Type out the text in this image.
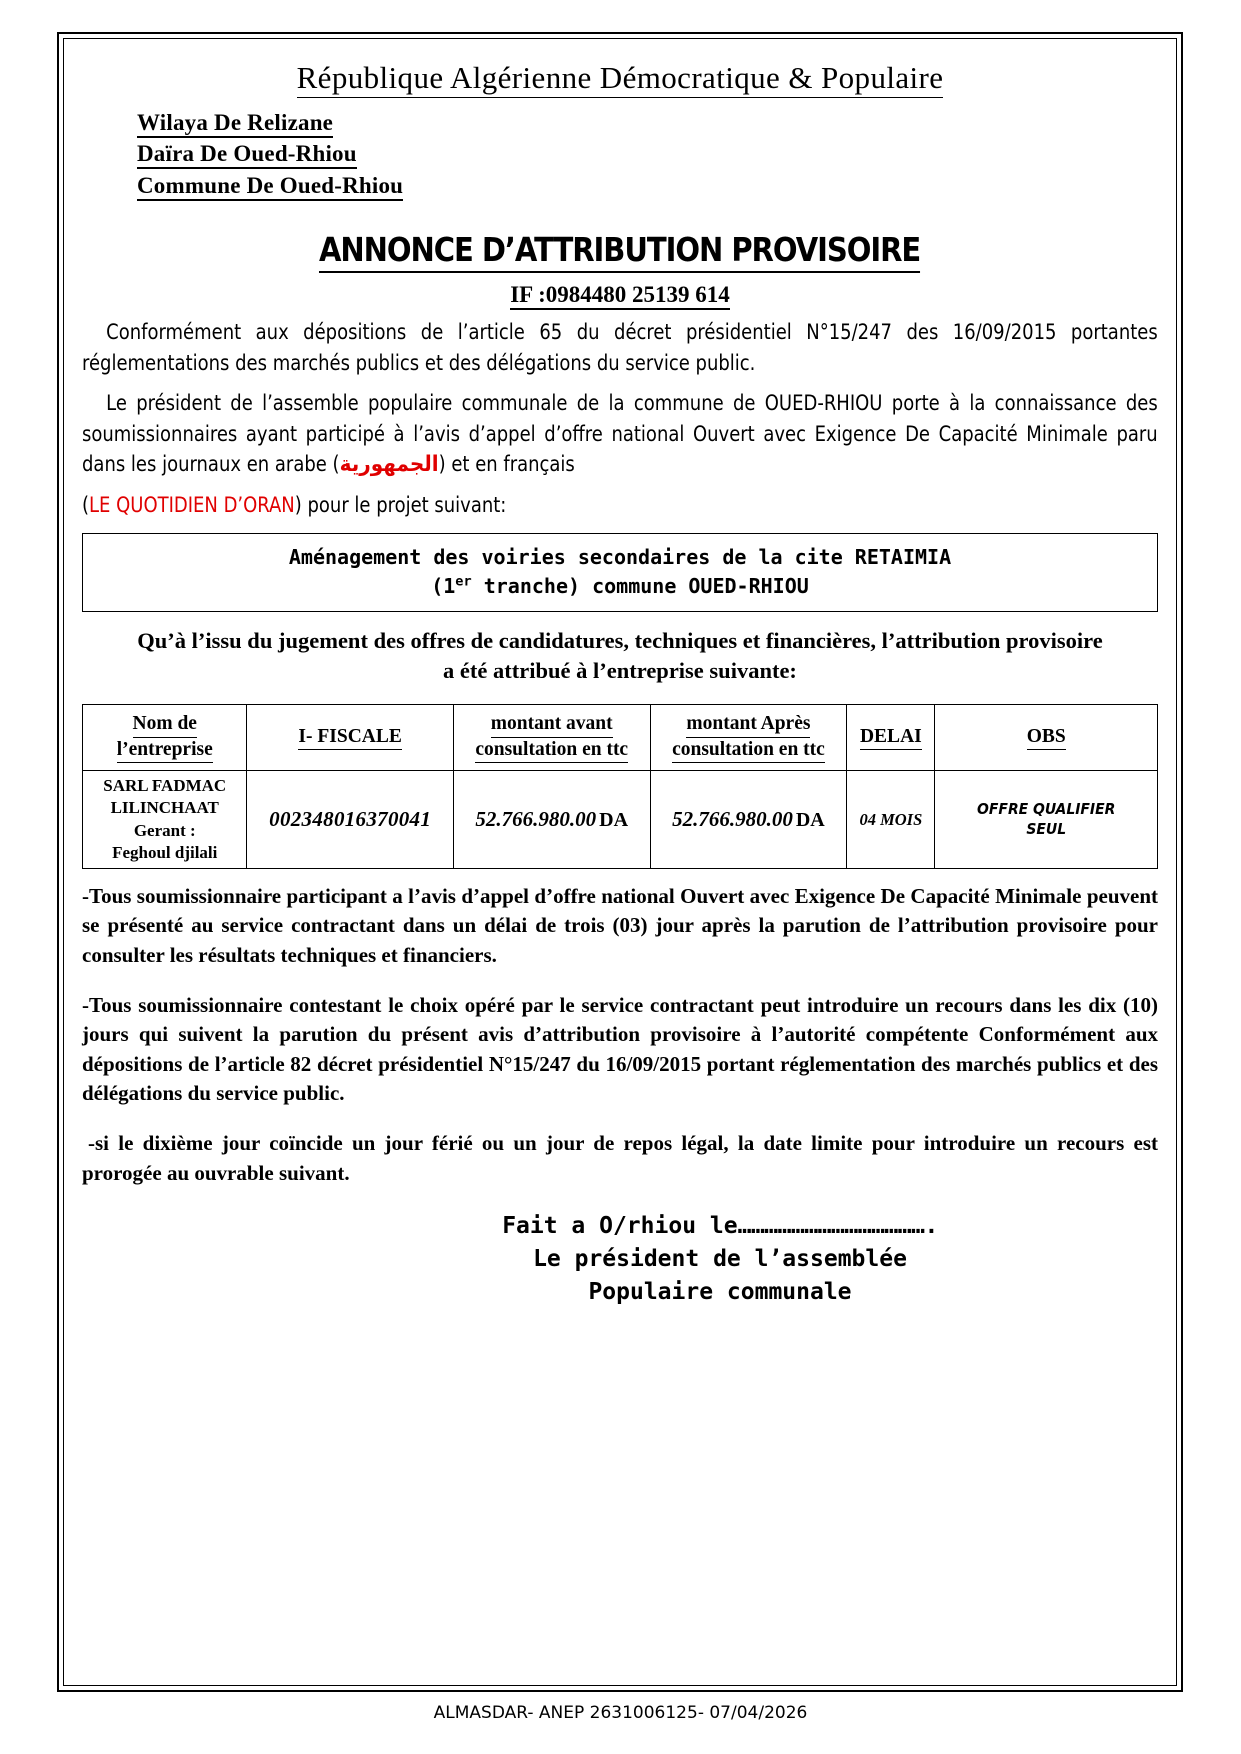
République Algérienne Démocratique & Populaire
Wilaya De Relizane
Daïra De Oued-Rhiou
Commune De Oued-Rhiou
ANNONCE D’ATTRIBUTION PROVISOIRE
IF :0984480 25139 614

Conformément aux dépositions de l’article 65 du décret présidentiel N°15/247 des 16/09/2015 portantes réglementations des marchés publics et des délégations du service public.

Le président de l’assemble populaire communale de la commune de OUED-RHIOU porte à la connaissance des soumissionnaires ayant participé à l’avis d’appel d’offre national Ouvert avec Exigence De Capacité Minimale paru dans les journaux en arabe (الجمهورية) et en français

(LE QUOTIDIEN D’ORAN) pour le projet suivant:

Aménagement des voiries secondaires de la cite RETAIMIA
(1er tranche) commune OUED-RHIOU
Qu’à l’issu du jugement des offres de candidatures, techniques et financières, l’attribution provisoire
a été attribué à l’entreprise suivante:
Nom de
l’entreprise	I- FISCALE	montant avant
consultation en ttc	montant Après
consultation en ttc	DELAI	OBS

SARL FADMAC
LILINCHAAT
Gerant :
Feghoul djilali	002348016370041	52.766.980.00 DA	52.766.980.00 DA	04 MOIS	OFFRE QUALIFIER
SEUL

-Tous soumissionnaire participant a l’avis d’appel d’offre national Ouvert avec Exigence De Capacité Minimale peuvent se présenté au service contractant dans un délai de trois (03) jour après la parution de l’attribution provisoire pour consulter les résultats techniques et financiers.

-Tous soumissionnaire contestant le choix opéré par le service contractant peut introduire un recours dans les dix (10) jours qui suivent la parution du présent avis d’attribution provisoire à l’autorité compétente Conformément aux dépositions de l’article 82 décret présidentiel N°15/247 du 16/09/2015 portant réglementation des marchés publics et des délégations du service public.

-si le dixième jour coïncide un jour férié ou un jour de repos légal, la date limite pour introduire un recours est prorogée au ouvrable suivant.

Fait a O/rhiou le…………………………………….
Le président de l’assemblée
Populaire communale
ALMASDAR- ANEP 2631006125- 07/04/2026
